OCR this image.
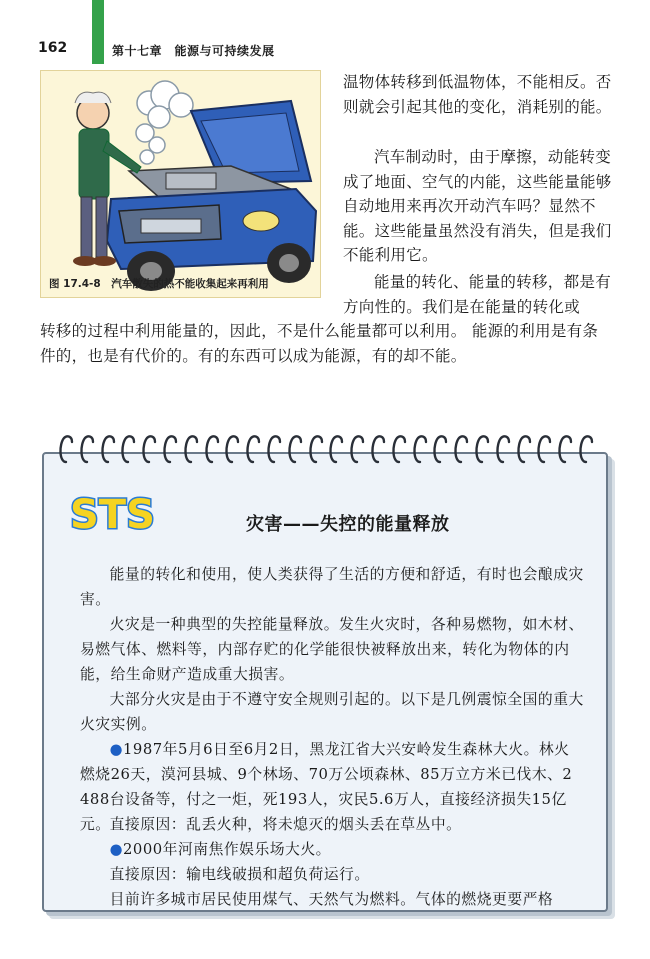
162	第十七章　能源与可持续发展
图 17.4-8　汽车散失的热不能收集起来再利用
温物体转移到低温物体，不能相反。否则就会引起其他的变化，消耗别的能。
汽车制动时，由于摩擦，动能转变成了地面、空气的内能，这些能量能够自动地用来再次开动汽车吗？显然不能。这些能量虽然没有消失，但是我们不能利用它。
能量的转化、能量的转移，都是有方向性的。我们是在能量的转化或
转移的过程中利用能量的，因此，不是什么能量都可以利用。 能源的利用是有条件的，也是有代价的。有的东西可以成为能源，有的却不能。
STS	灾害——失控的能量释放
能量的转化和使用，使人类获得了生活的方便和舒适，有时也会酿成灾害。
火灾是一种典型的失控能量释放。发生火灾时，各种易燃物，如木材、易燃气体、燃料等，内部存贮的化学能很快被释放出来，转化为物体的内能，给生命财产造成重大损害。
大部分火灾是由于不遵守安全规则引起的。以下是几例震惊全国的重大火灾实例。
●1987年5月6日至6月2日，黑龙江省大兴安岭发生森林大火。林火燃烧26天，漠河县城、9个林场、70万公顷森林、85万立方米已伐木、2 488台设备等，付之一炬，死193人，灾民5.6万人，直接经济损失15亿元。
直接原因：乱丢火种，将未熄灭的烟头丢在草丛中。
●2000年河南焦作娱乐场大火。
直接原因：输电线破损和超负荷运行。
目前许多城市居民使用煤气、天然气为燃料。气体的燃烧更要严格
